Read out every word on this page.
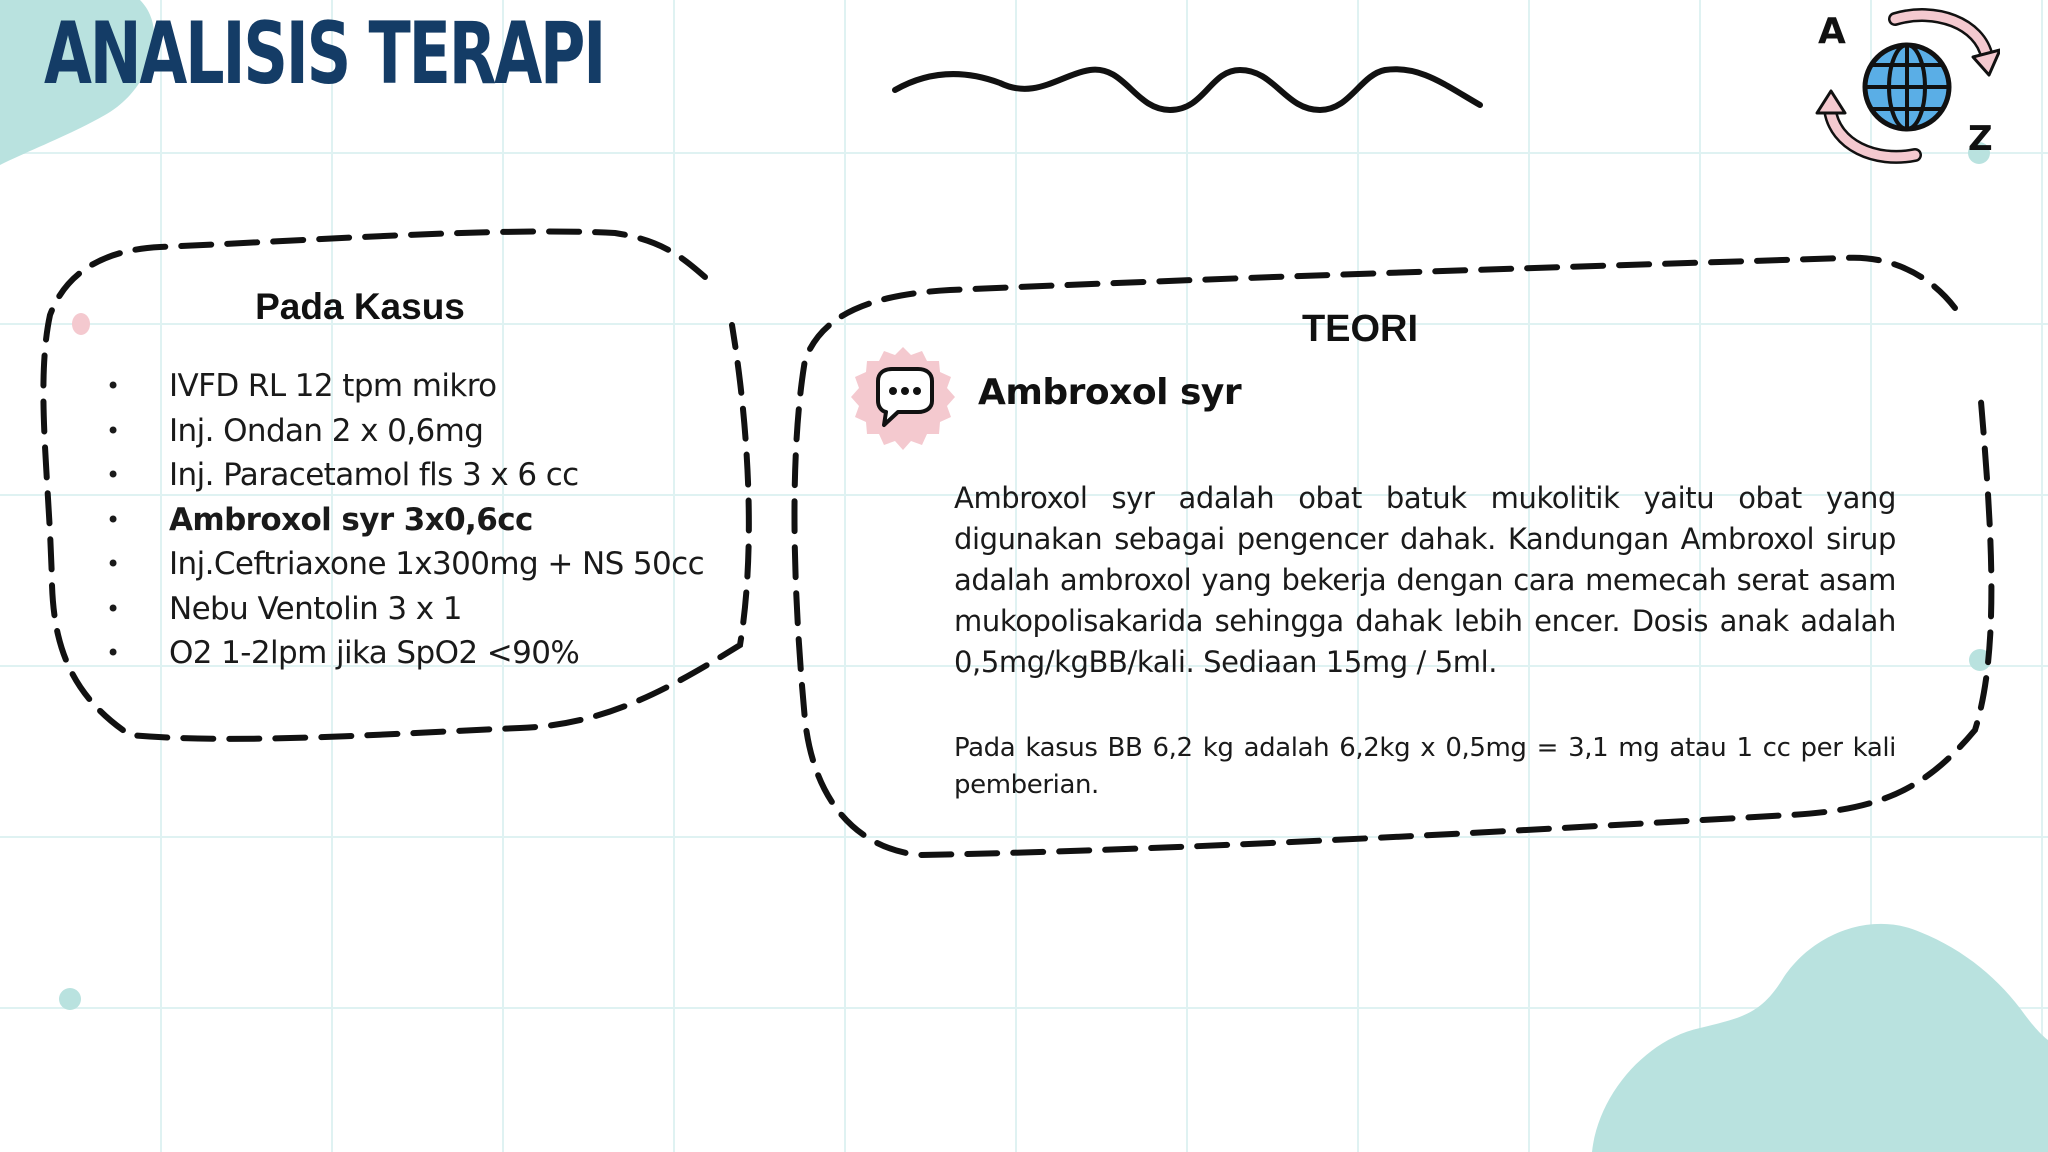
A
Z
ANALISIS TERAPI
Pada Kasus
• IVFD RL 12 tpm mikro
• Inj. Ondan 2 x 0,6mg
• Inj. Paracetamol fls 3 x 6 cc
• Ambroxol syr 3x0,6cc
• Inj.Ceftriaxone 1x300mg + NS 50cc
• Nebu Ventolin 3 x 1
• O2 1-2lpm jika SpO2 <90%
TEORI
Ambroxol syr

Ambroxol syr adalah obat batuk mukolitik yaitu obat yang digunakan sebagai pengencer dahak. Kandungan Ambroxol sirup adalah ambroxol yang bekerja dengan cara memecah serat asam mukopolisakarida sehingga dahak lebih encer. Dosis anak adalah 0,5mg/kgBB/kali. Sediaan 15mg / 5ml.

Pada kasus BB 6,2 kg adalah 6,2kg x 0,5mg = 3,1 mg atau 1 cc per kali pemberian.
